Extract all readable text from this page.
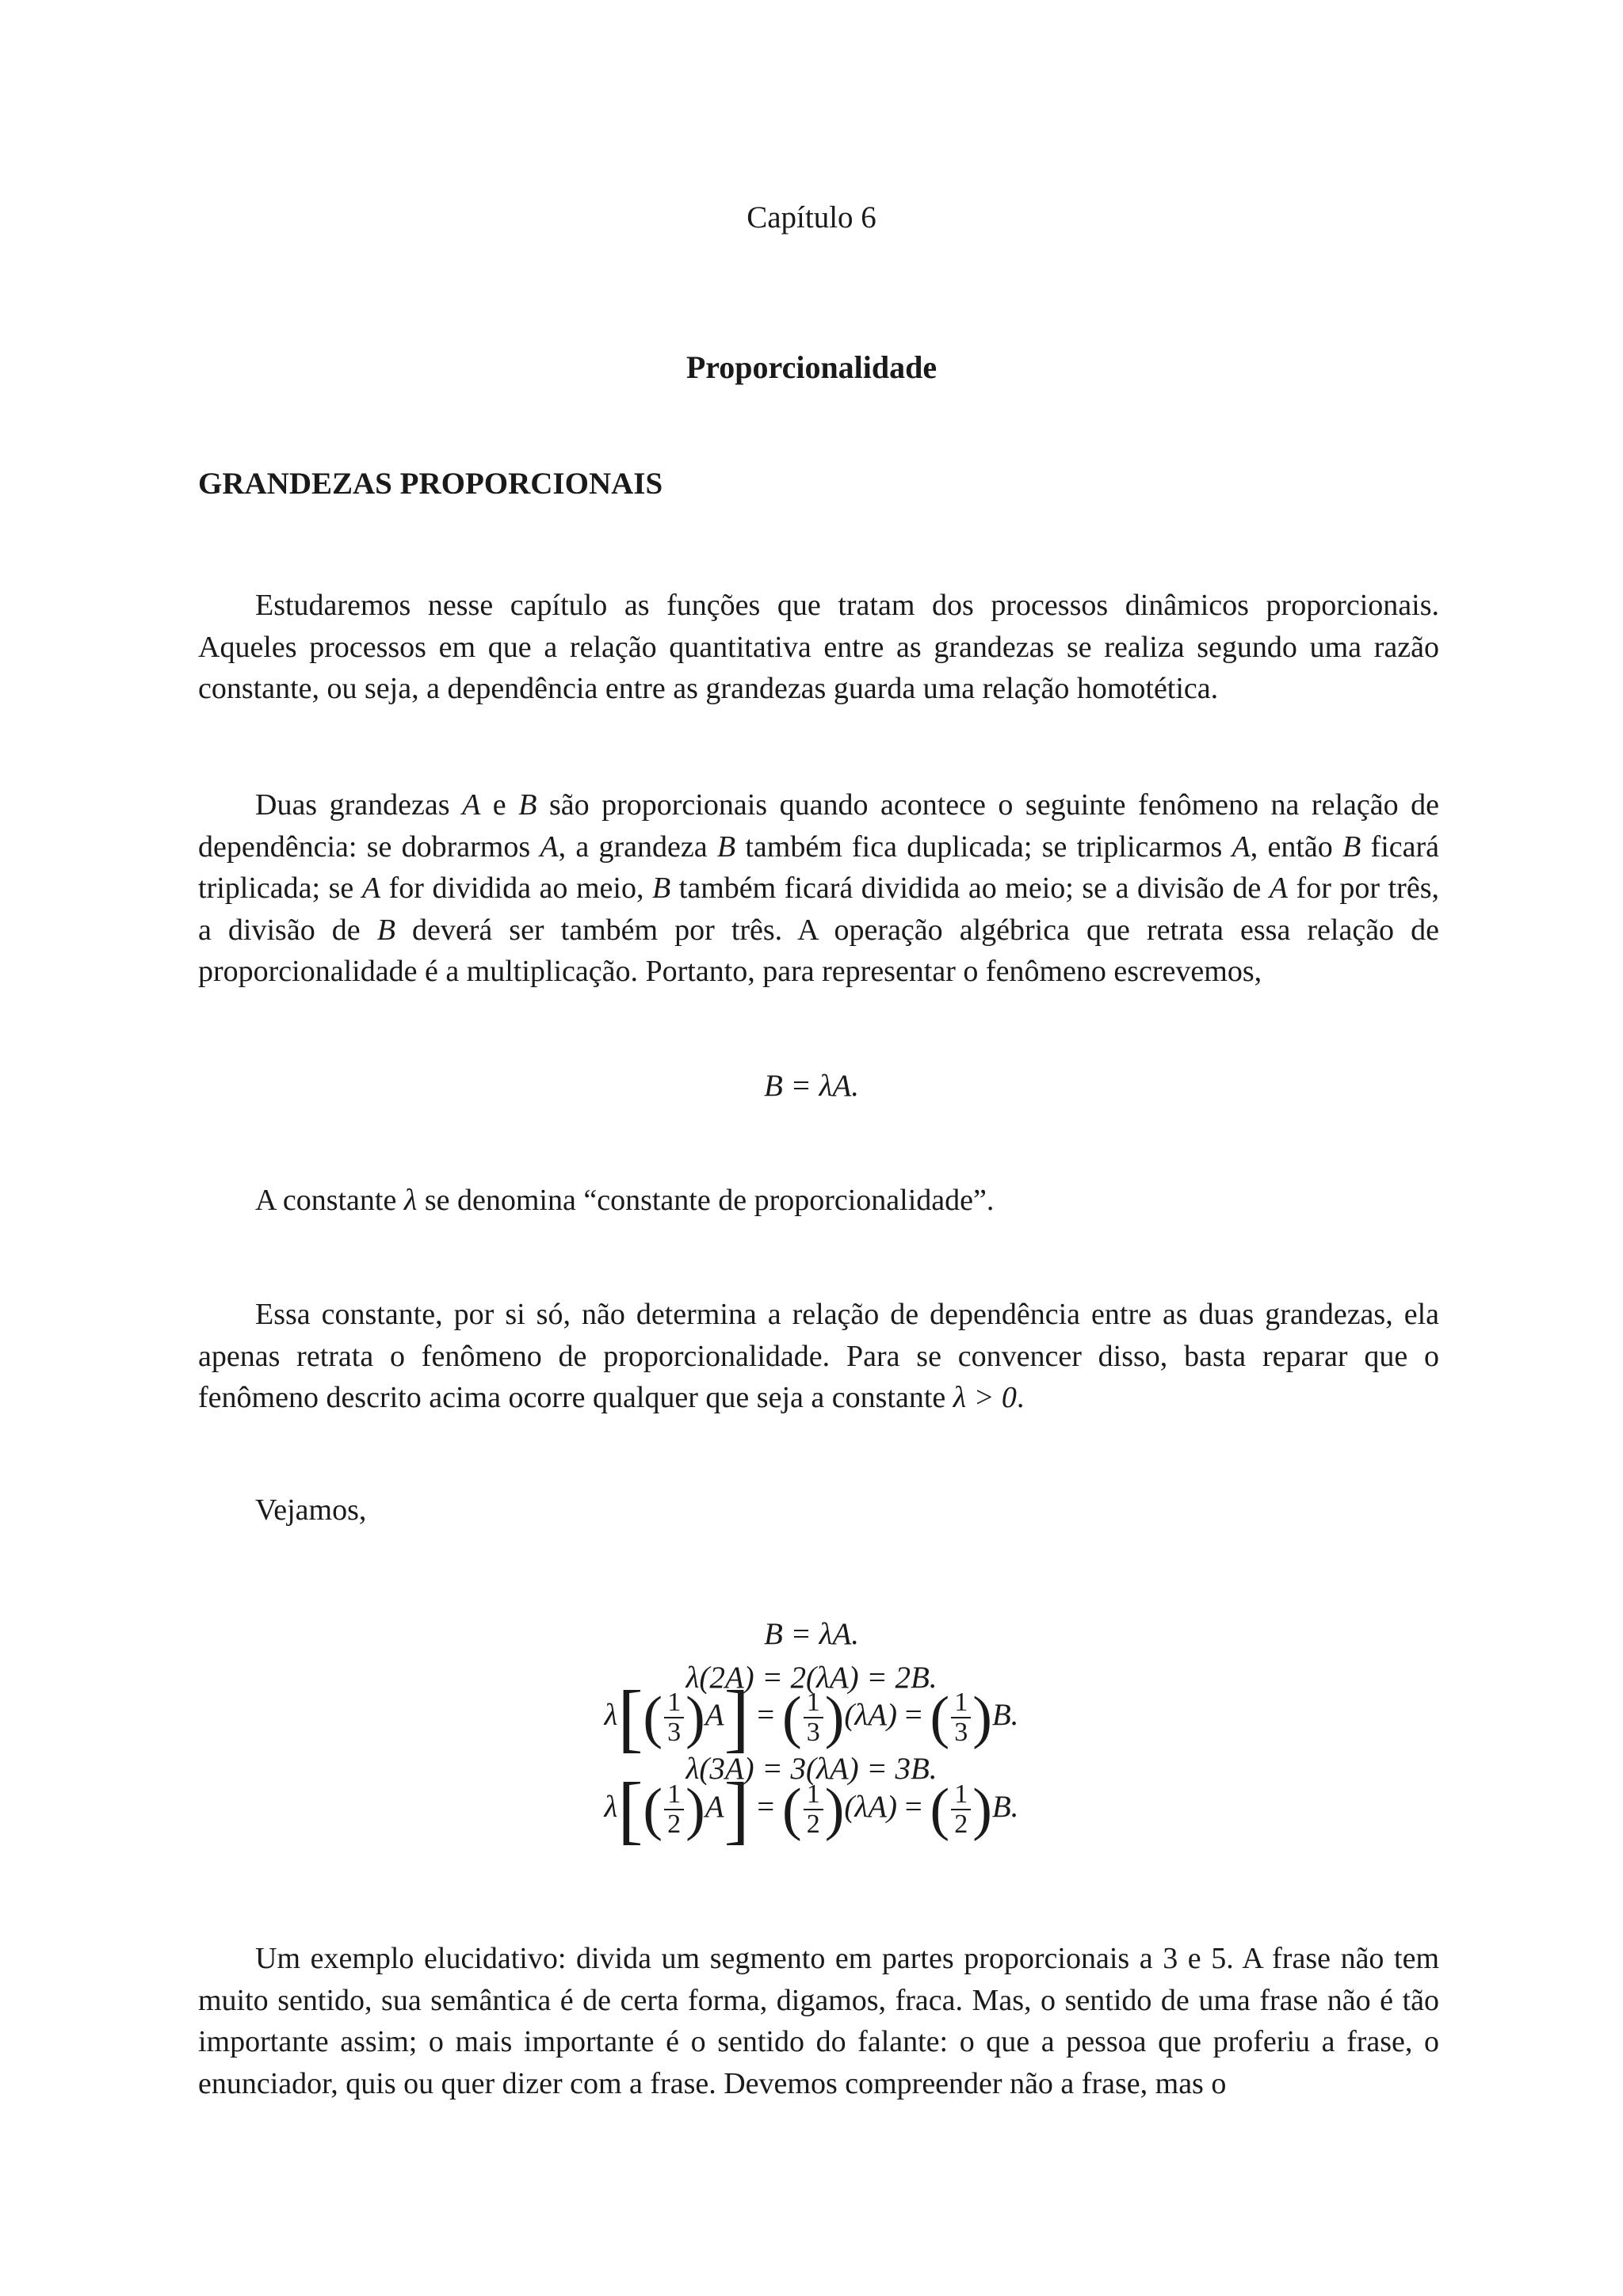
Capítulo 6
Proporcionalidade
GRANDEZAS PROPORCIONAIS

Estudaremos nesse capítulo as funções que tratam dos processos dinâmicos proporcionais. Aqueles processos em que a relação quantitativa entre as grandezas se realiza segundo uma razão constante, ou seja, a dependência entre as grandezas guarda uma relação homotética.

Duas grandezas A e B são proporcionais quando acontece o seguinte fenômeno na relação de dependência: se dobrarmos A, a grandeza B também fica duplicada; se triplicarmos A, então B ficará triplicada; se A for dividida ao meio, B também ficará dividida ao meio; se a divisão de A for por três, a divisão de B deverá ser também por três. A operação algébrica que retrata essa relação de proporcionalidade é a multiplicação. Portanto, para representar o fenômeno escrevemos,

B = λA.

A constante λ se denomina “constante de proporcionalidade”.

Essa constante, por si só, não determina a relação de dependência entre as duas grandezas, ela apenas retrata o fenômeno de proporcionalidade. Para se convencer disso, basta reparar que o fenômeno descrito acima ocorre qualquer que seja a constante λ > 0.

Vejamos,

B = λA.
λ(2A) = 2(λA) = 2B.
$\lambda[( \frac{1}{3} )A]$ = ( $\frac{1}{3} )(\lambda A)$ = ( $\frac{1}{3} )B$.
λ(3A) = 3(λA) = 3B.
$\lambda[( \frac{1}{2} )A]$ = ( $\frac{1}{2} )(\lambda A)$ = ( $\frac{1}{2} )B$.

Um exemplo elucidativo: divida um segmento em partes proporcionais a 3 e 5. A frase não tem muito sentido, sua semântica é de certa forma, digamos, fraca. Mas, o sentido de uma frase não é tão importante assim; o mais importante é o sentido do falante: o que a pessoa que proferiu a frase, o enunciador, quis ou quer dizer com a frase. Devemos compreender não a frase, mas o
